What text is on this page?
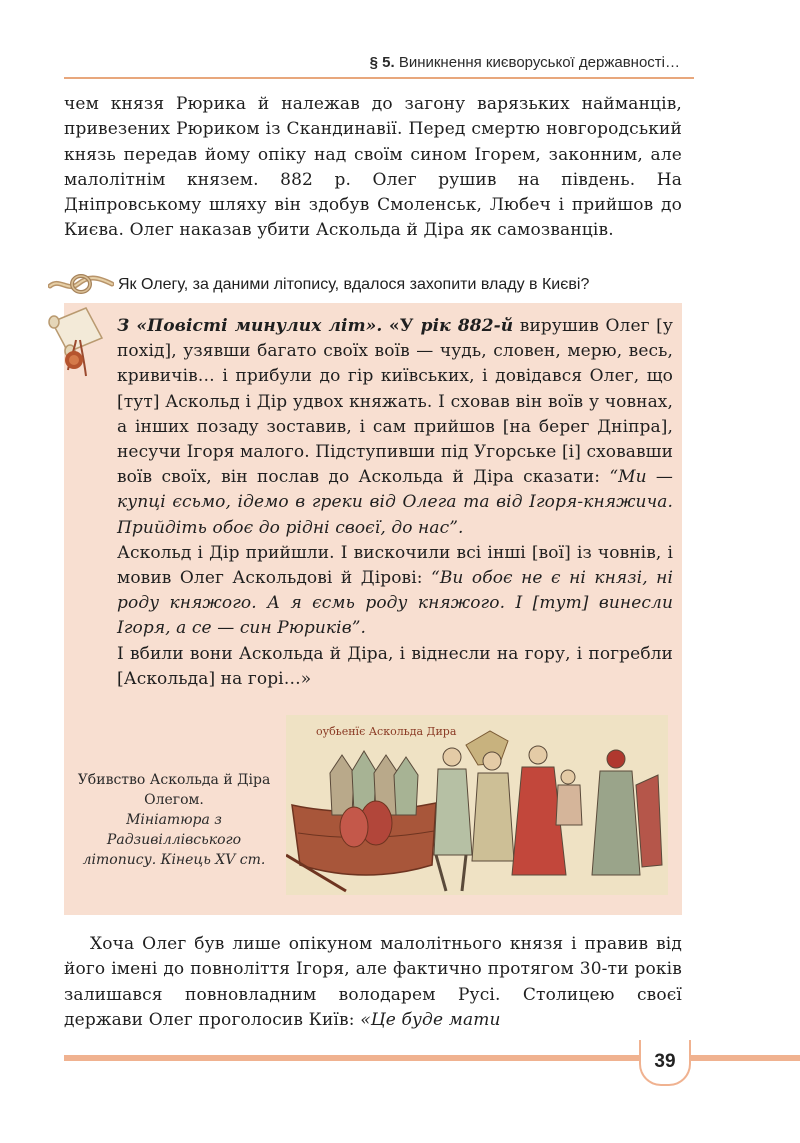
§ 5. Виникнення києворуської державності…

чем князя Рюрика й належав до загону варязьких найманців, привезених Рюриком із Скандинавії. Перед смертю новгородський князь передав йому опіку над своїм сином Ігорем, законним, але малолітнім князем. 882 р. Олег рушив на південь. На Дніпровському шляху він здобув Смоленськ, Любеч і прийшов до Києва. Олег наказав убити Аскольда й Діра як самозванців.

Як Олегу, за даними літопису, вдалося захопити владу в Києві?

З «Повісті минулих літ». «У рік 882-й вирушив Олег [у похід], узявши багато своїх воїв — чудь, словен, мерю, весь, кривичів… і прибули до гір київських, і довідався Олег, що [тут] Аскольд і Дір удвох княжать. І сховав він воїв у човнах, а інших позаду зоставив, і сам прийшов [на берег Дніпра], несучи Ігоря малого. Підступивши під Угорське [і] сховавши воїв своїх, він послав до Аскольда й Діра сказати: “Ми — купці єсьмо, ідемо в греки від Олега та від Ігоря-княжича. Прийдіть обоє до рідні своєї, до нас”.
Аскольд і Дір прийшли. І вискочили всі інші [вої] із човнів, і мовив Олег Аскольдові й Дірові: “Ви обоє не є ні князі, ні роду княжого. А я єсмь роду княжого. І [тут] винесли Ігоря, а се — син Рюриків”.
І вбили вони Аскольда й Діра, і віднесли на гору, і погребли [Аскольда] на горі…»

Убивство Аскольда й Діра Олегом.
Мініатюра з Радзивіллівського літопису. Кінець XV ст.
оубьенїє Аскольда Дира

Хоча Олег був лише опікуном малолітнього князя і правив від його імені до повноліття Ігоря, але фактично протягом 30-ти років залишався повновладним володарем Русі. Столицею своєї держави Олег проголосив Київ: «Це буде мати

39
